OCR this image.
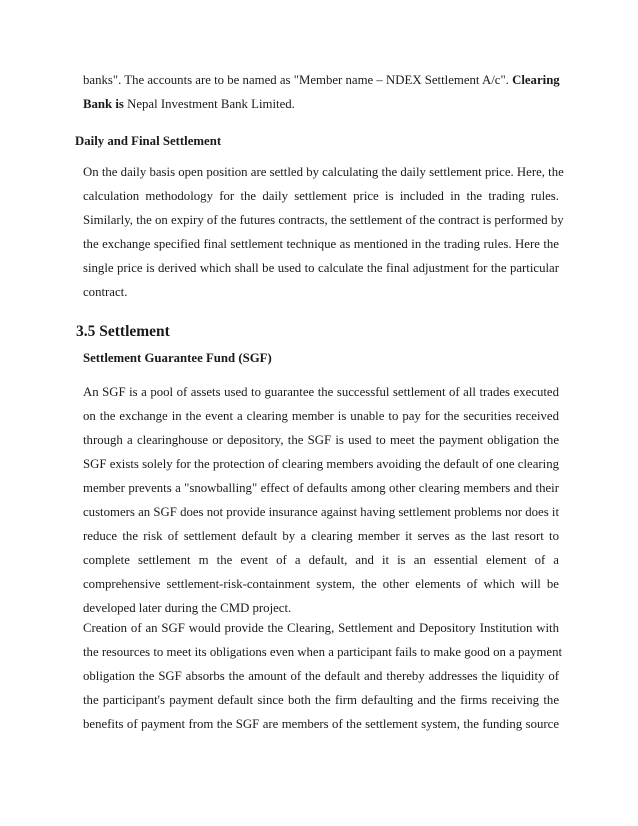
banks". The accounts are to be named as "Member name – NDEX Settlement A/c". Clearing
Bank is Nepal Investment Bank Limited.
Daily and Final Settlement
On the daily basis open position are settled by calculating the daily settlement price. Here, the
calculation methodology for the daily settlement price is included in the trading rules.
Similarly, the on expiry of the futures contracts, the settlement of the contract is performed by
the exchange specified final settlement technique as mentioned in the trading rules. Here the
single price is derived which shall be used to calculate the final adjustment for the particular
contract.
3.5 Settlement
Settlement Guarantee Fund (SGF)
An SGF is a pool of assets used to guarantee the successful settlement of all trades executed
on the exchange in the event a clearing member is unable to pay for the securities received
through a clearinghouse or depository, the SGF is used to meet the payment obligation the
SGF exists solely for the protection of clearing members avoiding the default of one clearing
member prevents a "snowballing" effect of defaults among other clearing members and their
customers an SGF does not provide insurance against having settlement problems nor does it
reduce the risk of settlement default by a clearing member it serves as the last resort to
complete settlement m the event of a default, and it is an essential element of a
comprehensive settlement-risk-containment system, the other elements of which will be
developed later during the CMD project.
Creation of an SGF would provide the Clearing, Settlement and Depository Institution with
the resources to meet its obligations even when a participant fails to make good on a payment
obligation the SGF absorbs the amount of the default and thereby addresses the liquidity of
the participant's payment default since both the firm defaulting and the firms receiving the
benefits of payment from the SGF are members of the settlement system, the funding source
